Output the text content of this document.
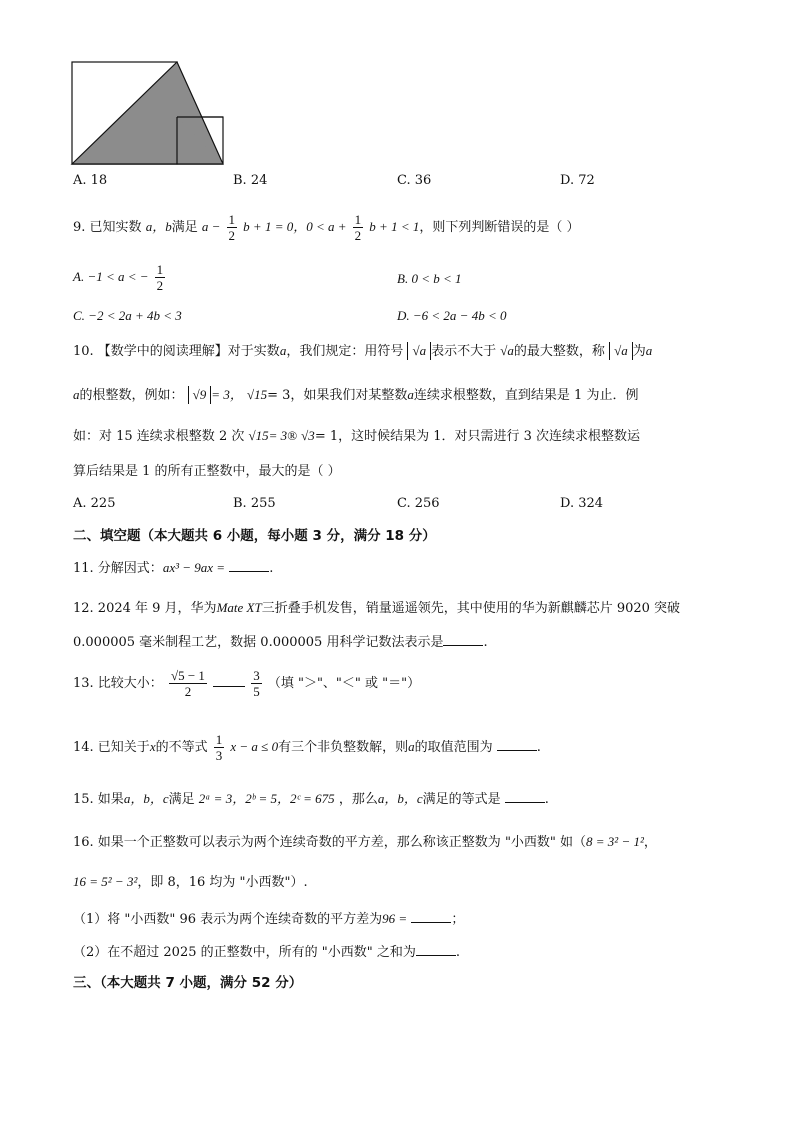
A. 18	B. 24	C. 36	D. 72
9. 已知实数 a，b满足 $a - \frac{1}{2}$ b + 1 = 0，$0 < a + \frac{1}{2}$ b + 1 < 1，则下列判断错误的是（ ）
A. −1 < a < − $\frac{1}{2}$	B. 0 < b < 1
C. −2 < 2a + 4b < 3	D. −6 < 2a − 4b < 0
10. 【数学中的阅读理解】对于实数a，我们规定：用符号 √a 表示不大于 √a的最大整数，称 √a 为a
a的根整数，例如： √9 = 3， √15= 3，如果我们对某整数a连续求根整数，直到结果是 1 为止．例
如：对 15 连续求根整数 2 次 √15= 3® √3= 1，这时候结果为 1．对只需进行 3 次连续求根整数运
算后结果是 1 的所有正整数中，最大的是（ ）
A. 225	B. 255	C. 256	D. 324
二、填空题（本大题共 6 小题，每小题 3 分，满分 18 分）
11. 分解因式：ax³ − 9ax =	.
12. 2024 年 9 月，华为Mate XT三折叠手机发售，销量遥遥领先，其中使用的华为新麒麟芯片 9020 突破
0.000005 毫米制程工艺，数据 0.000005 用科学记数法表示是	.
13. 比较大小： $\frac{√5 - 1}{2}$
	$\frac{3}{5}$ （填 "＞"、"＜" 或 "＝"）
14. 已知关于x的不等式 $\frac{1}{3}$ x − a ≤ 0有三个非负整数解，则a的取值范围为	.
15. 如果a，b，c满足 2ᵃ = 3，2ᵇ = 5，2ᶜ = 675 ，那么a，b，c满足的等式是	.
16. 如果一个正整数可以表示为两个连续奇数的平方差，那么称该正整数为 "小西数" 如（8 = 3² − 1²，
16 = 5² − 3²，即 8，16 均为 "小西数"）.
（1）将 "小西数" 96 表示为两个连续奇数的平方差为96 =	；
（2）在不超过 2025 的正整数中，所有的 "小西数" 之和为	.
三、（本大题共 7 小题，满分 52 分）
